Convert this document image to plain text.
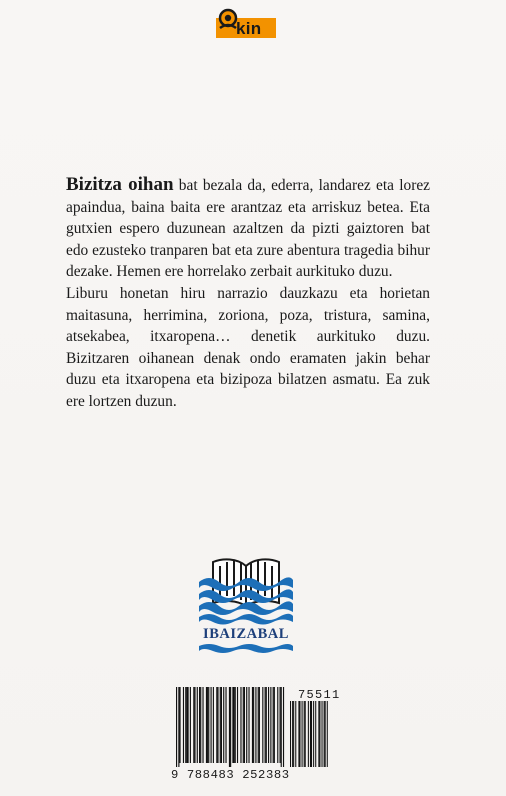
kin

Bizitza oihan bat bezala da, ederra, landarez eta lorez apaindua, baina baita ere arantzaz eta arriskuz betea. Eta gutxien espero duzunean azaltzen da pizti gaiztoren bat edo ezusteko tranparen bat eta zure abentura tragedia bihur dezake. Hemen ere horrelako zerbait aurkituko duzu.

Liburu honetan hiru narrazio dauzkazu eta horietan maitasuna, herrimina, zoriona, poza, tristura, samina, atsekabea, itxaropena… denetik aurkituko duzu. Bizitzaren oihanean denak ondo eramaten jakin behar duzu eta itxaropena eta bizipoza bilatzen asmatu. Ea zuk ere lortzen duzun.

IBAIZABAL
9 788483 252383
75511
